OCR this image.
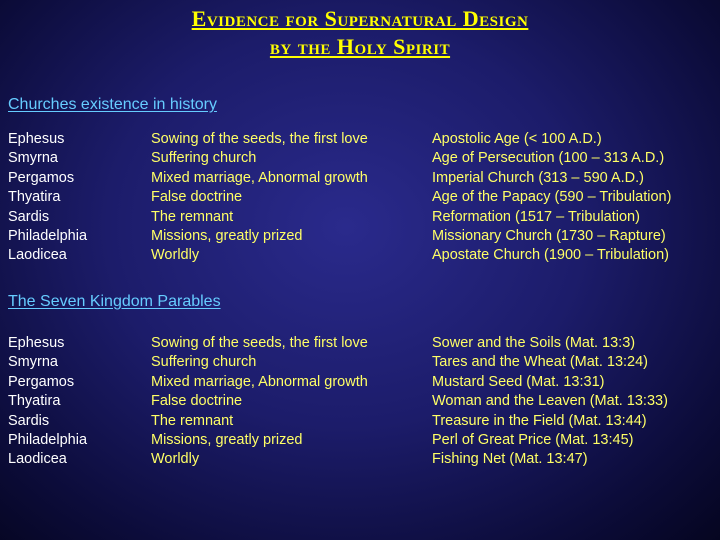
Evidence for Supernatural Design
by the Holy Spirit
Churches existence in history
Ephesus
Smyrna
Pergamos
Thyatira
Sardis
Philadelphia
Laodicea
Sowing of the seeds, the first love
Suffering church
Mixed marriage, Abnormal growth
False doctrine
The remnant
Missions, greatly prized
Worldly
Apostolic Age (< 100 A.D.)
Age of Persecution (100 – 313 A.D.)
Imperial Church (313 – 590 A.D.)
Age of the Papacy (590 – Tribulation)
Reformation (1517 – Tribulation)
Missionary Church (1730 – Rapture)
Apostate Church (1900 – Tribulation)
The Seven Kingdom Parables
Ephesus
Smyrna
Pergamos
Thyatira
Sardis
Philadelphia
Laodicea
Sowing of the seeds, the first love
Suffering church
Mixed marriage, Abnormal growth
False doctrine
The remnant
Missions, greatly prized
Worldly
Sower and the Soils (Mat. 13:3)
Tares and the Wheat (Mat. 13:24)
Mustard Seed (Mat. 13:31)
Woman and the Leaven (Mat. 13:33)
Treasure in the Field (Mat. 13:44)
Perl of Great Price (Mat. 13:45)
Fishing Net (Mat. 13:47)
